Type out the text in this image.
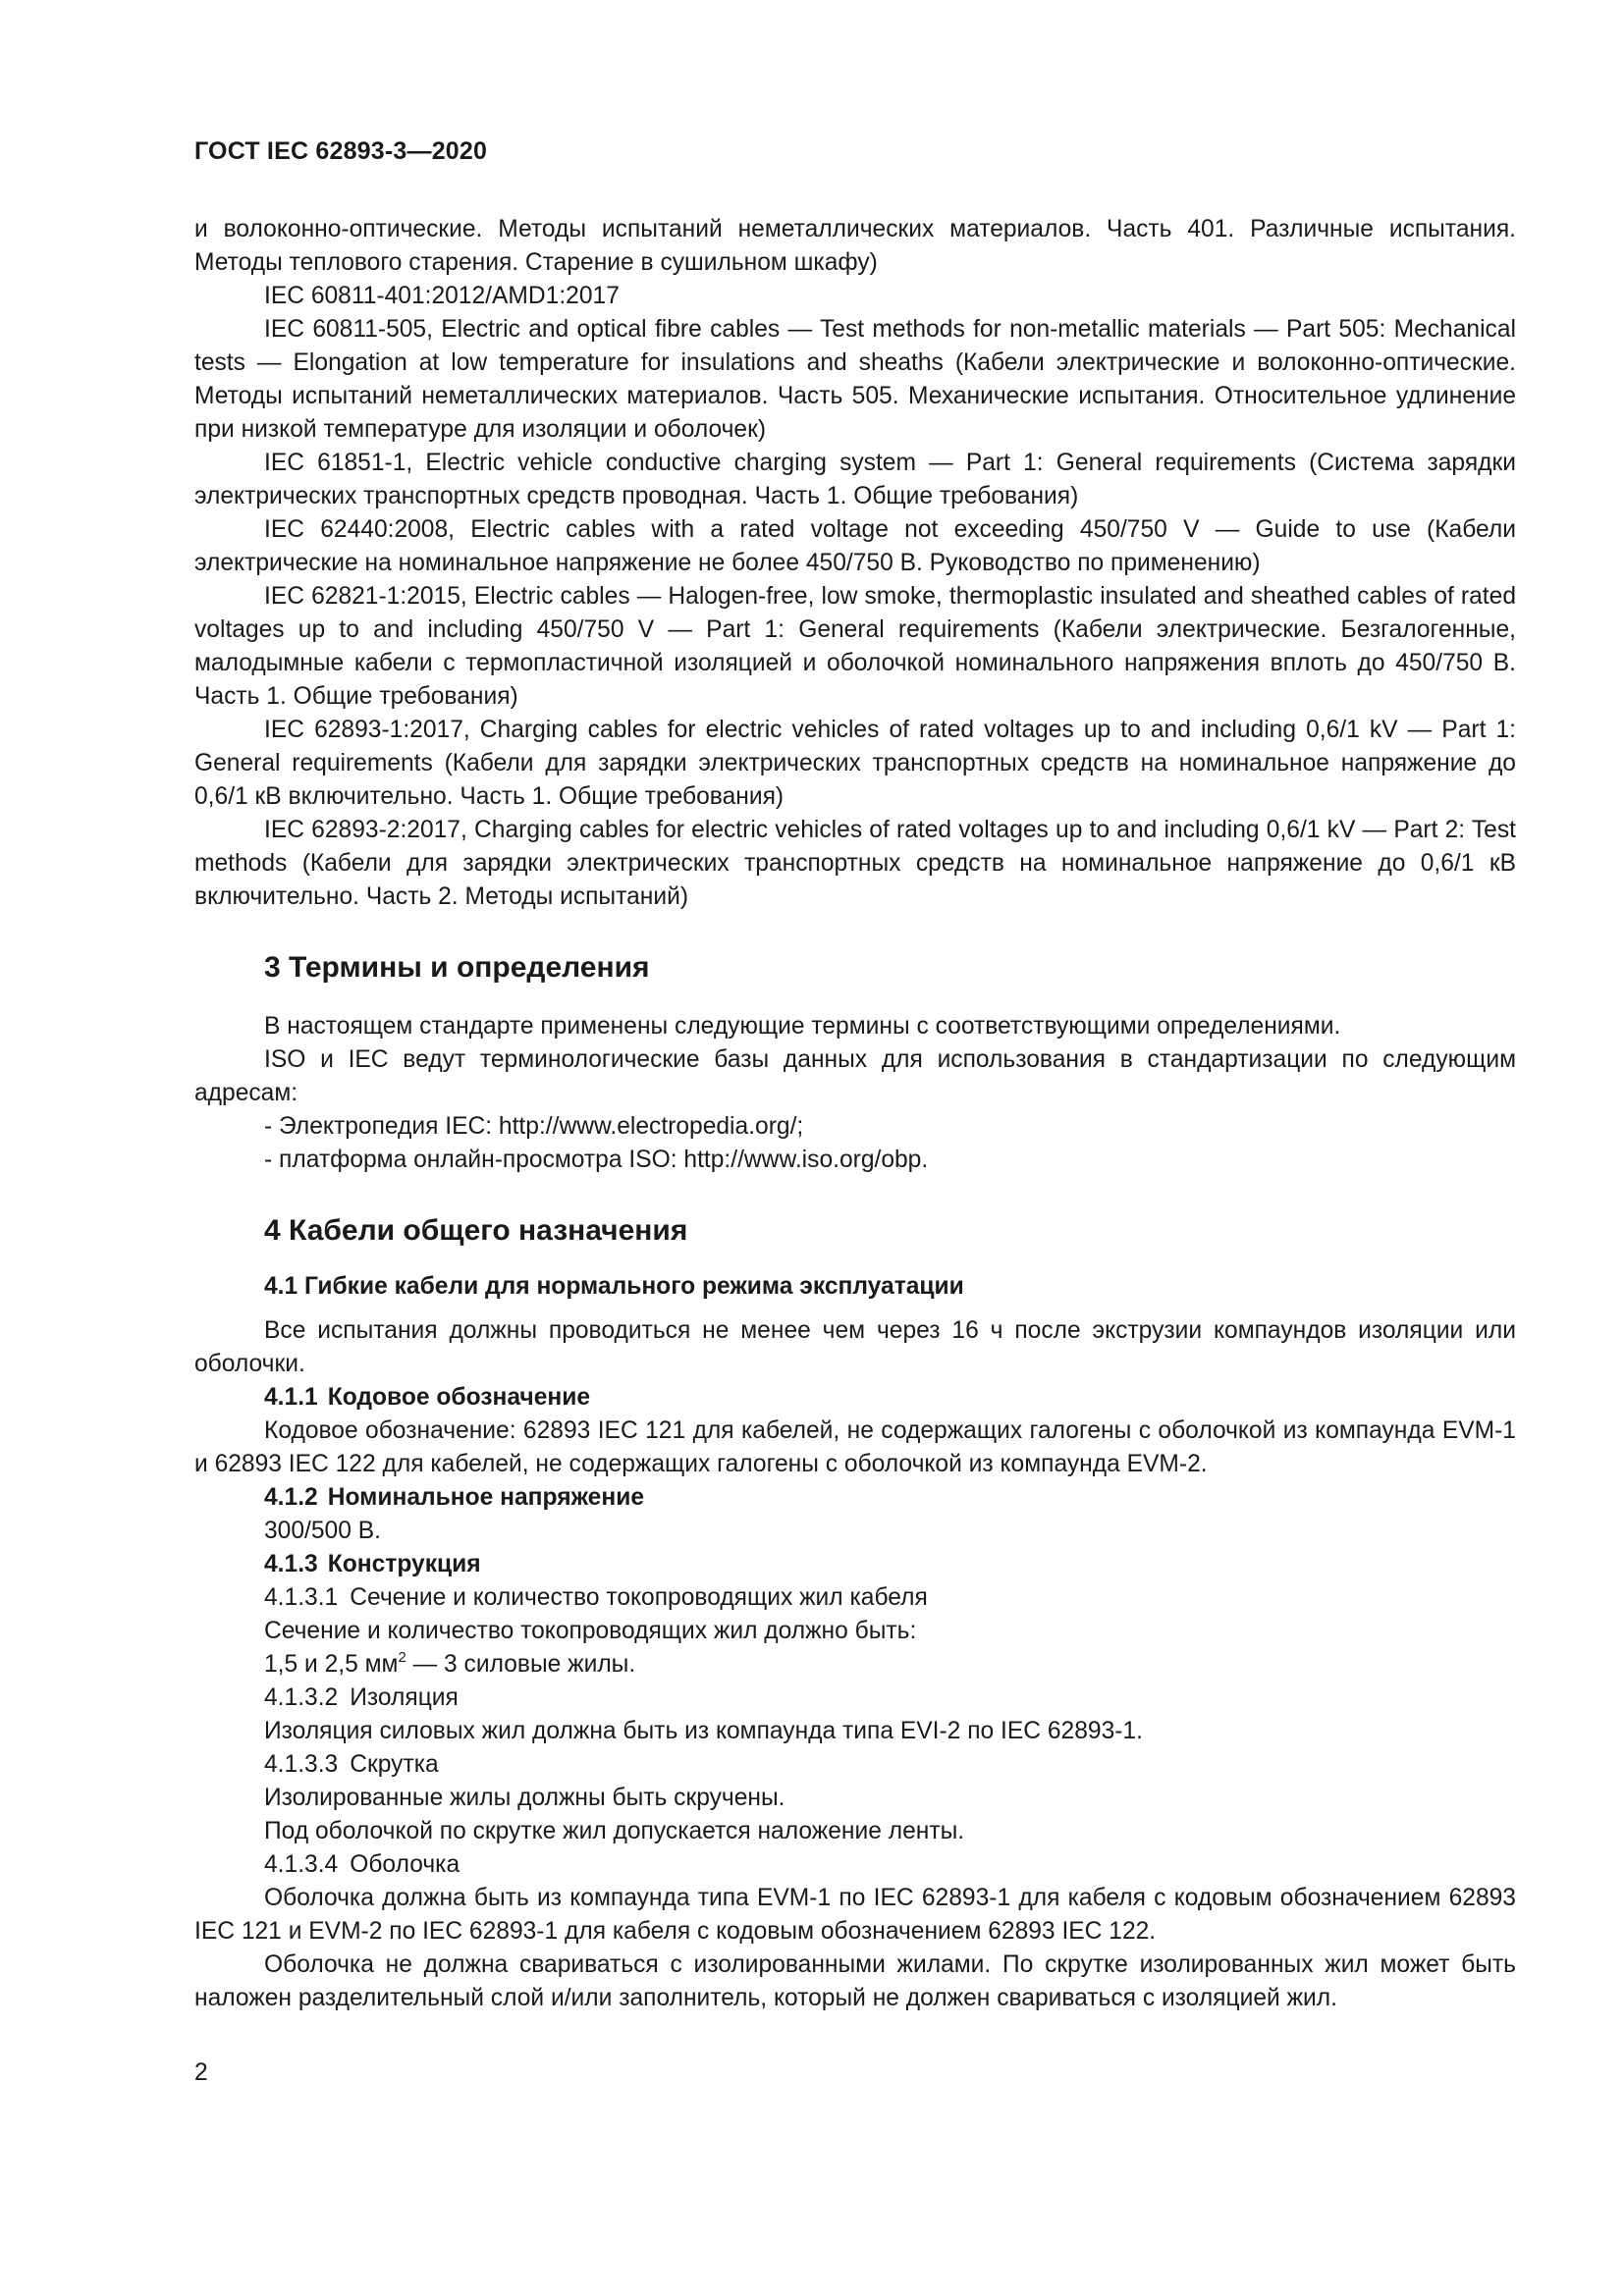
ГОСТ IEC 62893-3—2020

и волоконно-оптические. Методы испытаний неметаллических материалов. Часть 401. Различные испытания. Методы теплового старения. Старение в сушильном шкафу)

IEC 60811-401:2012/AMD1:2017

IEC 60811-505, Electric and optical fibre cables — Test methods for non-metallic materials — Part 505: Mechanical tests — Elongation at low temperature for insulations and sheaths (Кабели электрические и волоконно-оптические. Методы испытаний неметаллических материалов. Часть 505. Механические испытания. Относительное удлинение при низкой температуре для изоляции и оболочек)

IEC 61851-1, Electric vehicle conductive charging system — Part 1: General requirements (Система зарядки электрических транспортных средств проводная. Часть 1. Общие требования)

IEC 62440:2008, Electric cables with a rated voltage not exceeding 450/750 V — Guide to use (Кабели электрические на номинальное напряжение не более 450/750 В. Руководство по применению)

IEC 62821-1:2015, Electric cables — Halogen-free, low smoke, thermoplastic insulated and sheathed cables of rated voltages up to and including 450/750 V — Part 1: General requirements (Кабели электрические. Безгалогенные, малодымные кабели с термопластичной изоляцией и оболочкой номинального напряжения вплоть до 450/750 В. Часть 1. Общие требования)

IEC 62893-1:2017, Charging cables for electric vehicles of rated voltages up to and including 0,6/1 kV — Part 1: General requirements (Кабели для зарядки электрических транспортных средств на номинальное напряжение до 0,6/1 кВ включительно. Часть 1. Общие требования)

IEC 62893-2:2017, Charging cables for electric vehicles of rated voltages up to and including 0,6/1 kV — Part 2: Test methods (Кабели для зарядки электрических транспортных средств на номинальное напряжение до 0,6/1 кВ включительно. Часть 2. Методы испытаний)

3 Термины и определения

В настоящем стандарте применены следующие термины с соответствующими определениями.

ISO и IEC ведут терминологические базы данных для использования в стандартизации по следующим адресам:

- Электропедия IEC: http://www.electropedia.org/;

- платформа онлайн-просмотра ISO: http://www.iso.org/obp.

4 Кабели общего назначения
4.1 Гибкие кабели для нормального режима эксплуатации

Все испытания должны проводиться не менее чем через 16 ч после экструзии компаундов изоляции или оболочки.

4.1.1 Кодовое обозначение

Кодовое обозначение: 62893 IEC 121 для кабелей, не содержащих галогены с оболочкой из компаунда EVM-1 и 62893 IEC 122 для кабелей, не содержащих галогены с оболочкой из компаунда EVM-2.

4.1.2 Номинальное напряжение

300/500 В.

4.1.3 Конструкция

4.1.3.1 Сечение и количество токопроводящих жил кабеля

Сечение и количество токопроводящих жил должно быть:

1,5 и 2,5 $мм^2$ — 3 силовые жилы.

4.1.3.2 Изоляция

Изоляция силовых жил должна быть из компаунда типа EVI-2 по IEC 62893-1.

4.1.3.3 Скрутка

Изолированные жилы должны быть скручены.

Под оболочкой по скрутке жил допускается наложение ленты.

4.1.3.4 Оболочка

Оболочка должна быть из компаунда типа EVM-1 по IEC 62893-1 для кабеля с кодовым обозначением 62893 IEC 121 и EVM-2 по IEC 62893-1 для кабеля с кодовым обозначением 62893 IEC 122.

Оболочка не должна свариваться с изолированными жилами. По скрутке изолированных жил может быть наложен разделительный слой и/или заполнитель, который не должен свариваться с изоляцией жил.

2
